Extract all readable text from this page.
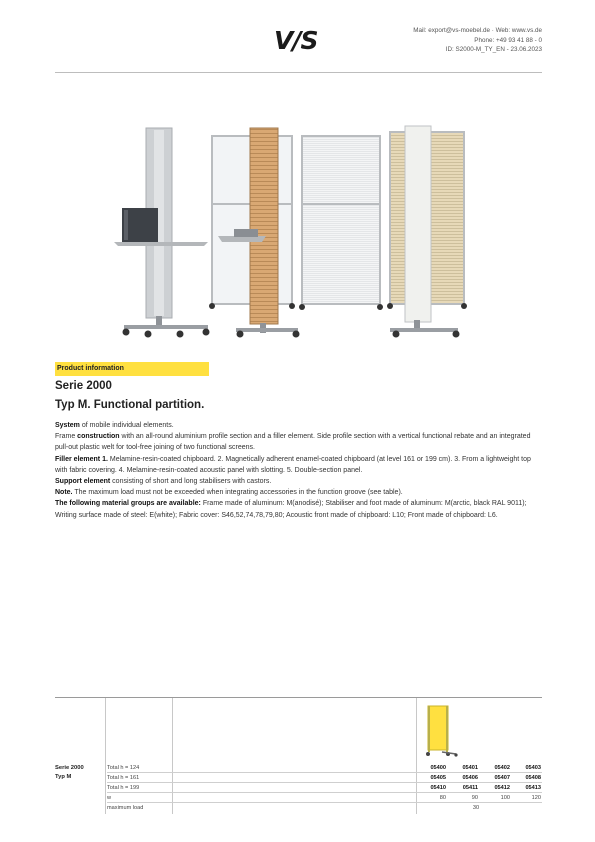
V/S	Mail: export@vs-moebel.de · Web: www.vs.de
Phone: +49 93 41 88 - 0
ID: S2000-M_TY_EN - 23.06.2023
Product information
Serie 2000
Typ M. Functional partition.

System of mobile individual elements.

Frame construction with an all-round aluminium profile section and a filler element. Side profile section with a vertical functional rebate and an integrated pull-out plastic welt for tool-free joining of two functional screens.

Filler element 1. Melamine-resin-coated chipboard. 2. Magnetically adherent enamel-coated chipboard (at level 161 or 199 cm). 3. From a lightweight top with fabric covering. 4. Melamine-resin-coated acoustic panel with slotting. 5. Double-section panel.

Support element consisting of short and long stabilisers with castors.

Note. The maximum load must not be exceeded when integrating accessories in the function groove (see table).

The following material groups are available: Frame made of aluminum: M(anodisé); Stabiliser and foot made of aluminum: M(arctic, black RAL 9011); Writing surface made of steel: E(white); Fabric cover: S46,52,74,78,79,80; Acoustic front made of chipboard: L10; Front made of chipboard: L6.

Serie 2000
Typ M
Total h = 124	05400	05401	05402	05403
Total h = 161	05405	05406	05407	05408
Total h = 199	05410	05411	05412	05413
w	80	90	100	120
maximum load	30
